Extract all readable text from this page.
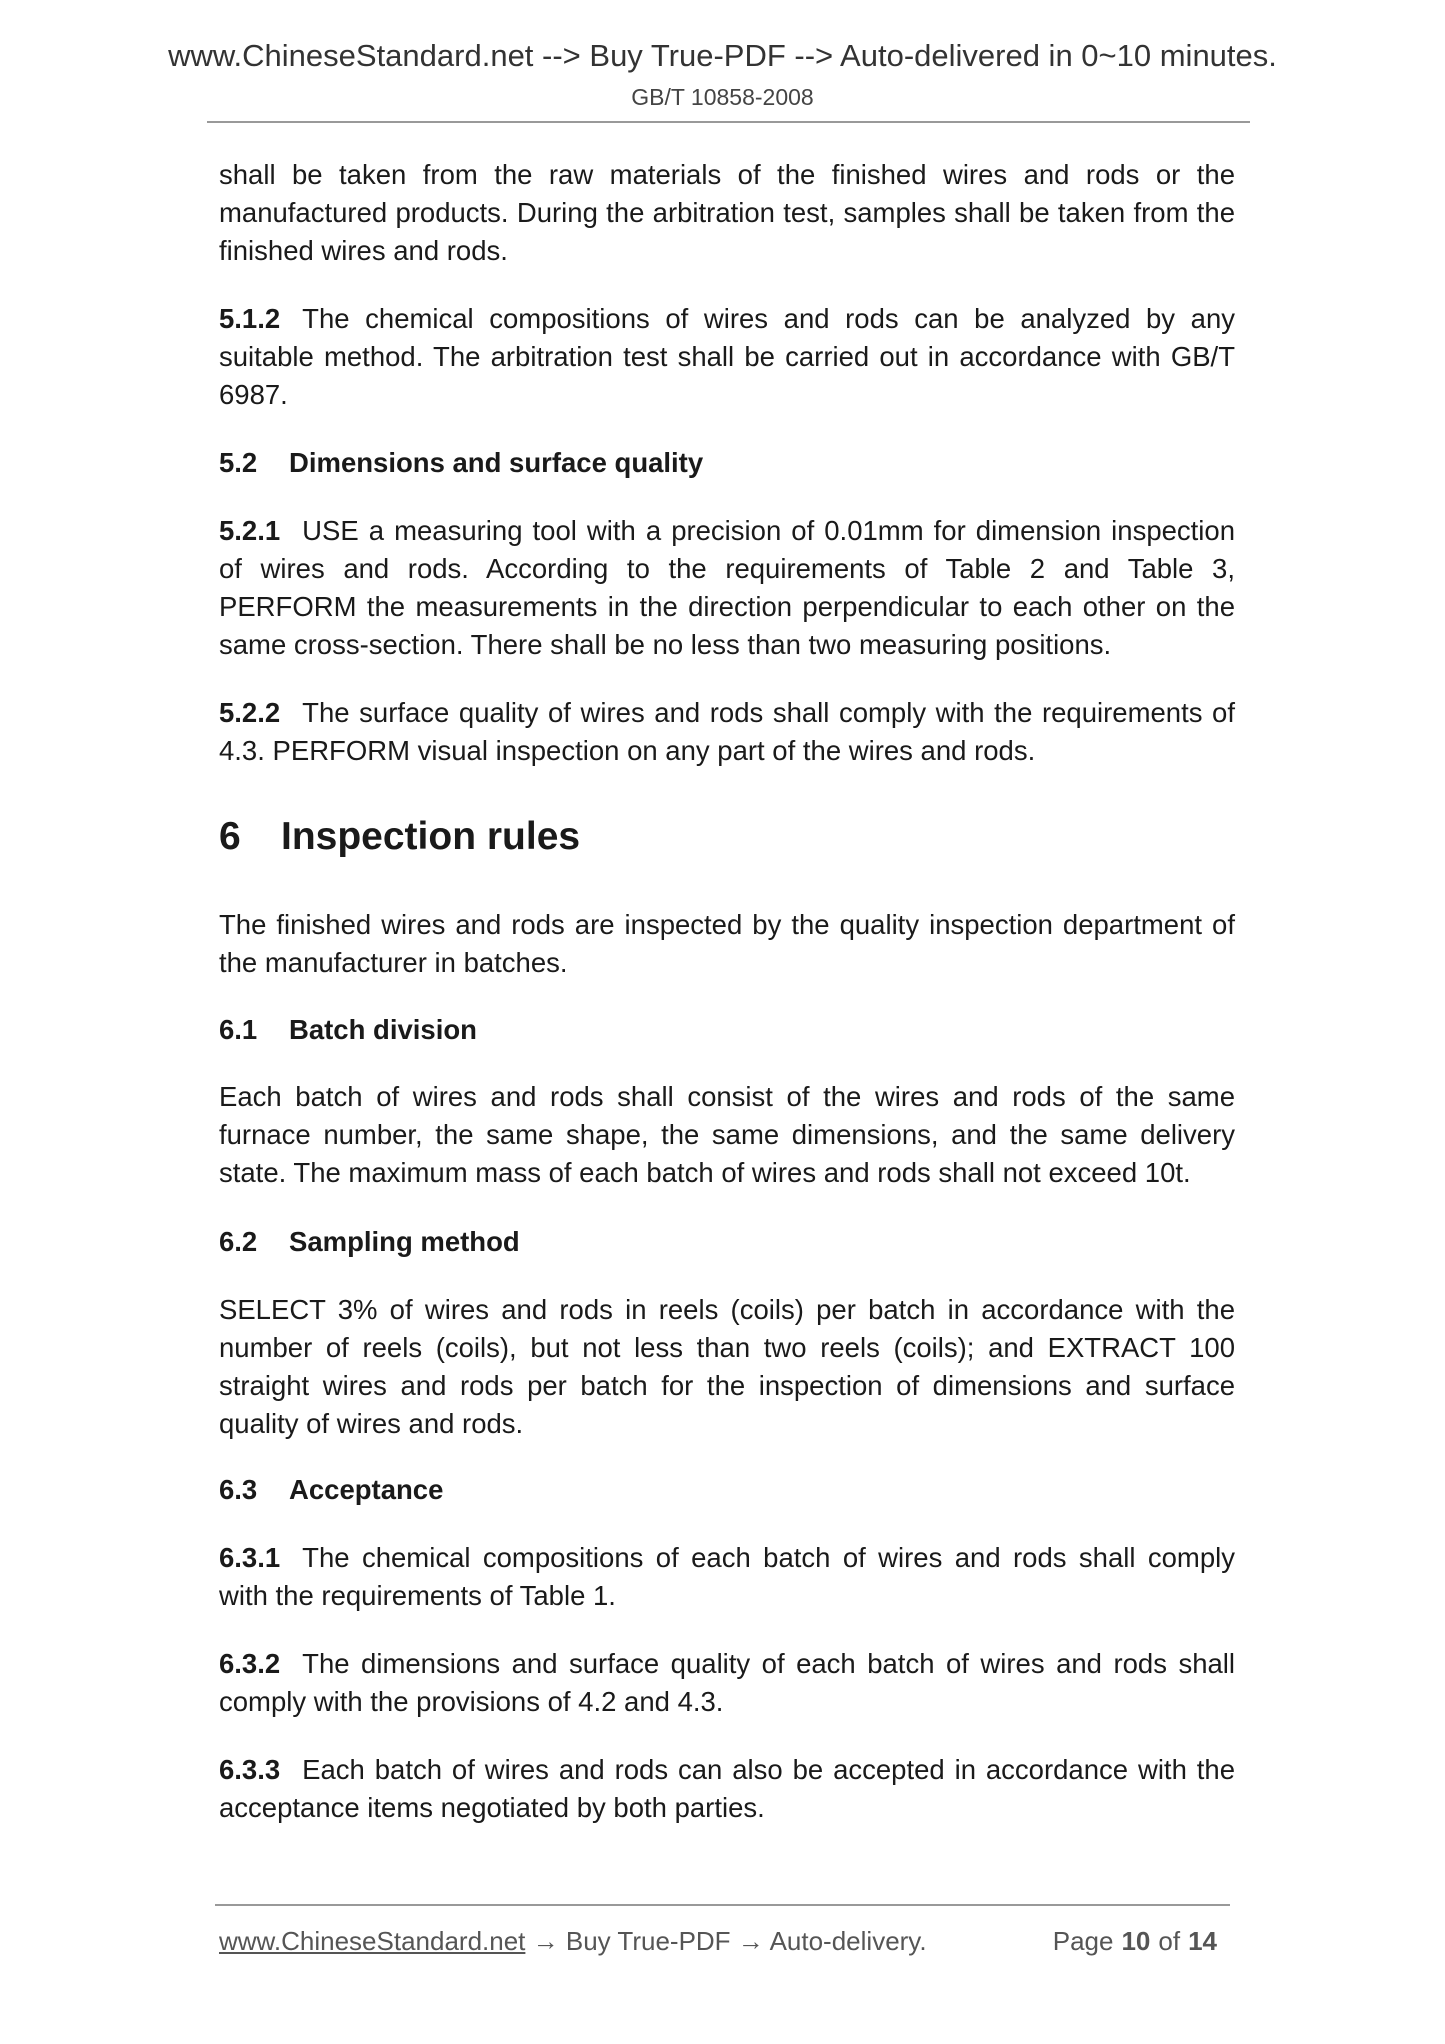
www.ChineseStandard.net --> Buy True-PDF --> Auto-delivered in 0~10 minutes.
GB/T 10858-2008
shall be taken from the raw materials of the finished wires and rods or the manufactured products. During the arbitration test, samples shall be taken from the finished wires and rods.
5.1.2 The chemical compositions of wires and rods can be analyzed by any suitable method. The arbitration test shall be carried out in accordance with GB/T 6987.
5.2 Dimensions and surface quality
5.2.1 USE a measuring tool with a precision of 0.01mm for dimension inspection of wires and rods. According to the requirements of Table 2 and Table 3, PERFORM the measurements in the direction perpendicular to each other on the same cross-section. There shall be no less than two measuring positions.
5.2.2 The surface quality of wires and rods shall comply with the requirements of 4.3. PERFORM visual inspection on any part of the wires and rods.
6 Inspection rules
The finished wires and rods are inspected by the quality inspection department of the manufacturer in batches.
6.1 Batch division
Each batch of wires and rods shall consist of the wires and rods of the same furnace number, the same shape, the same dimensions, and the same delivery state. The maximum mass of each batch of wires and rods shall not exceed 10t.
6.2 Sampling method
SELECT 3% of wires and rods in reels (coils) per batch in accordance with the number of reels (coils), but not less than two reels (coils); and EXTRACT 100 straight wires and rods per batch for the inspection of dimensions and surface quality of wires and rods.
6.3 Acceptance
6.3.1 The chemical compositions of each batch of wires and rods shall comply with the requirements of Table 1.
6.3.2 The dimensions and surface quality of each batch of wires and rods shall comply with the provisions of 4.2 and 4.3.
6.3.3 Each batch of wires and rods can also be accepted in accordance with the acceptance items negotiated by both parties.
www.ChineseStandard.net → Buy True-PDF → Auto-delivery.	Page 10 of 14
